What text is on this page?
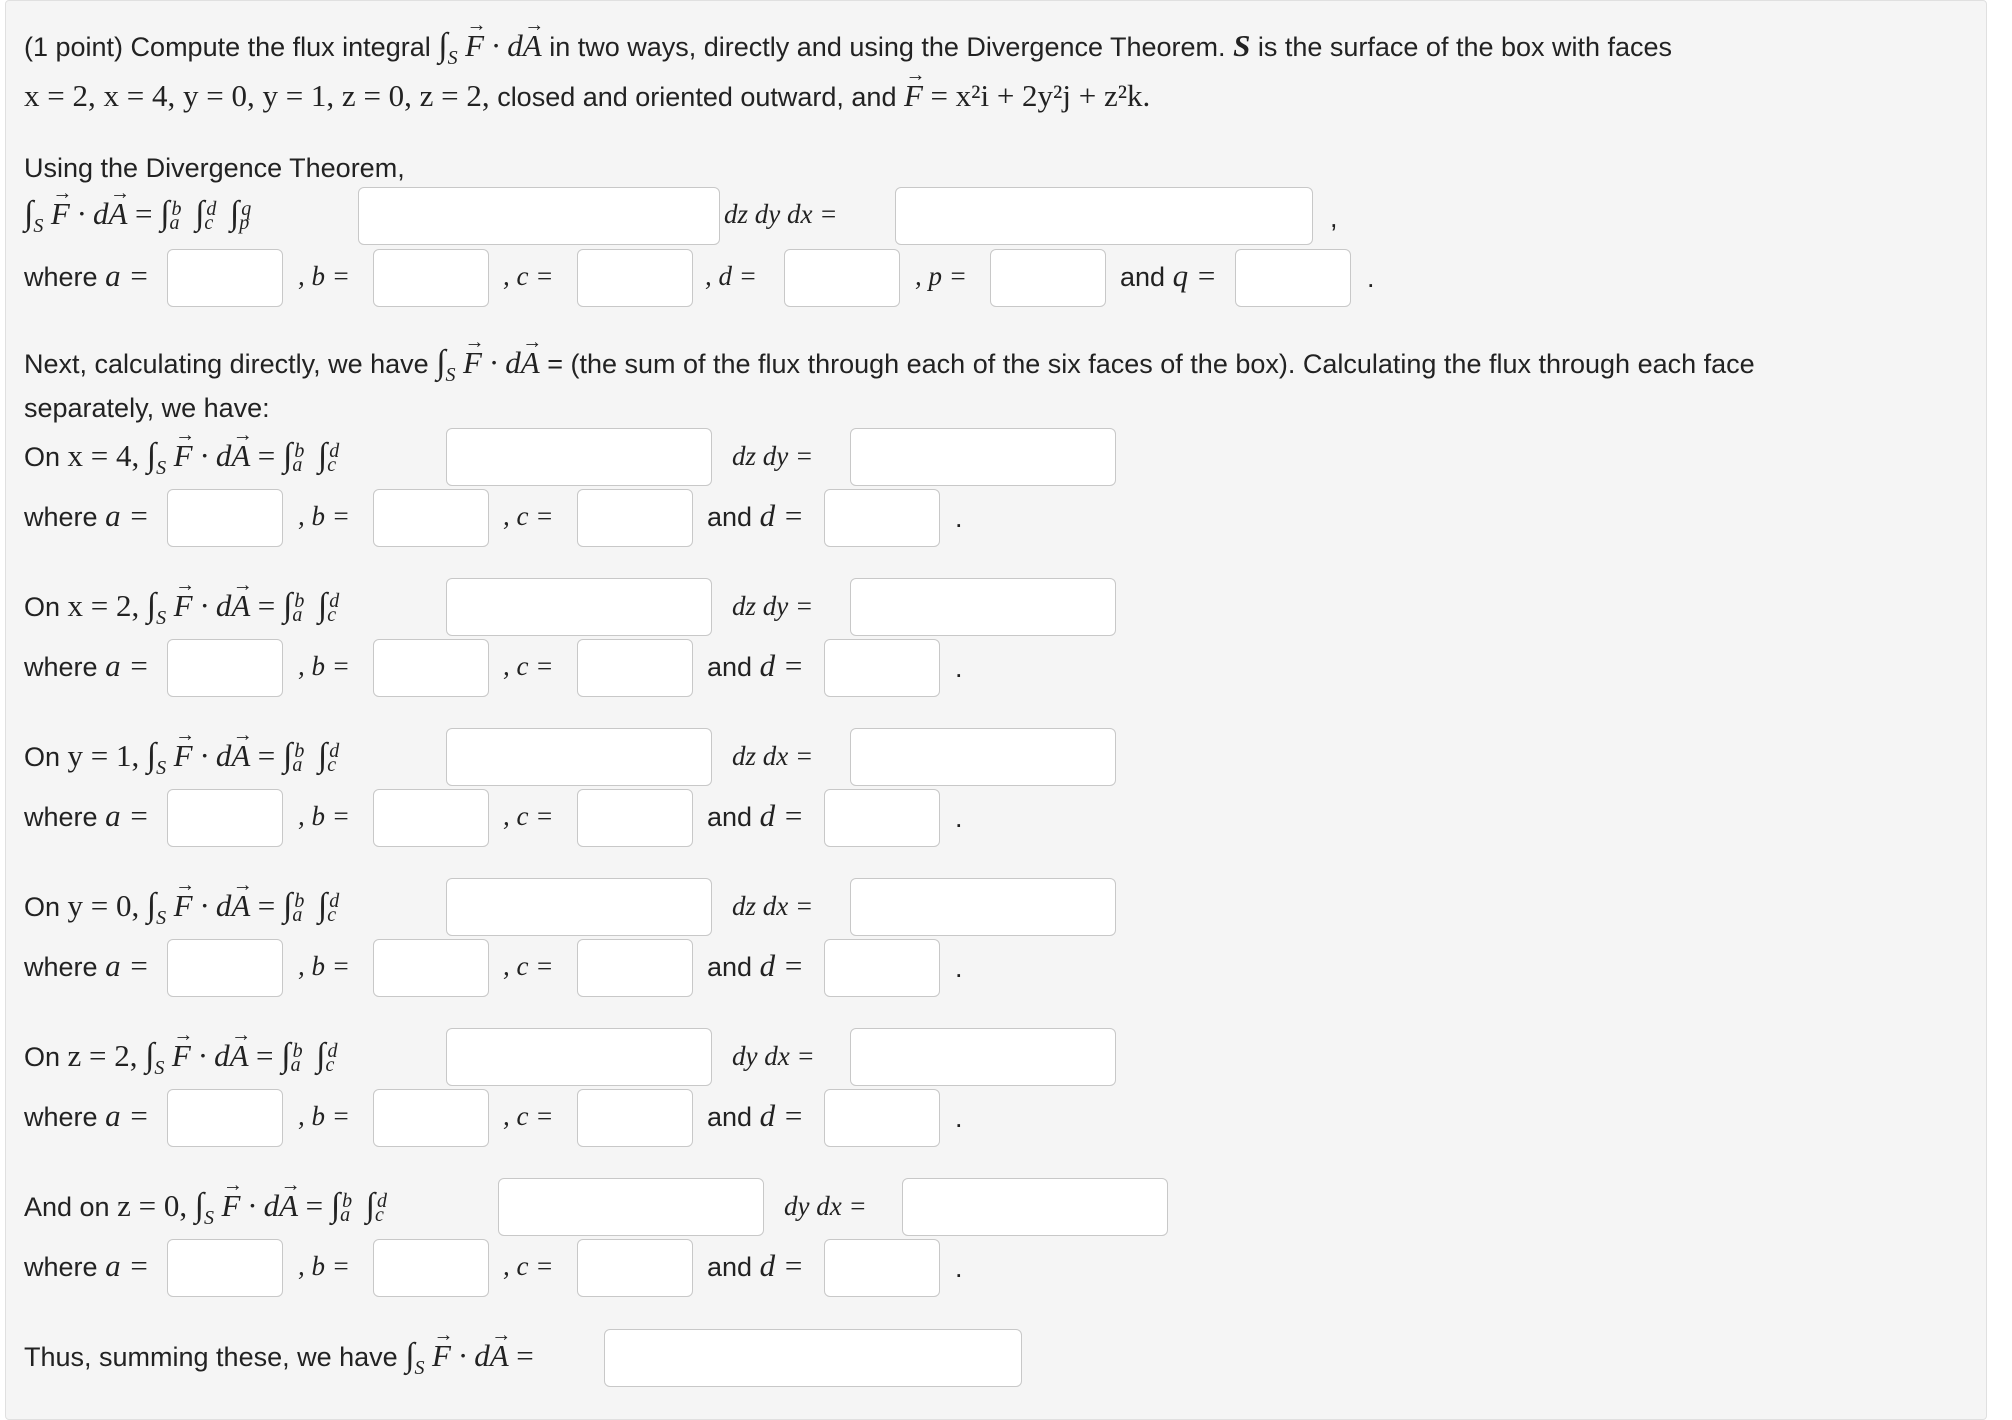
(1 point) Compute the flux integral $\int_S \to F \cdot d\to A$ in two ways, directly and using the Divergence Theorem. S is the surface of the box with faces
x = 2, x = 4, y = 0, y = 1, z = 0, z = 2, closed and oriented outward, and → F = x²i + 2y²j + z²k.
Using the Divergence Theorem,
$\int_S \to F \cdot d\to A$ = ∫ b
a ∫ d
c ∫ q
p	dz dy dx =	,
where a =	, b =	, c =	, d =	, p =	and q =	.
Next, calculating directly, we have $\int_S \to F \cdot d\to A = (the$ sum of the flux through each of the six faces of the box). Calculating the flux through each face
separately, we have:
On x = 4, $\int_S \to F \cdot d\to A$ = ∫ b
a ∫ d
c	dz dy =
where a =	, b =	, c =	and d =	.
On x = 2, $\int_S \to F \cdot d\to A$ = ∫ b
a ∫ d
c	dz dy =
where a =	, b =	, c =	and d =	.
On y = 1, $\int_S \to F \cdot d\to A$ = ∫ b
a ∫ d
c	dz dx =
where a =	, b =	, c =	and d =	.
On y = 0, $\int_S \to F \cdot d\to A$ = ∫ b
a ∫ d
c	dz dx =
where a =	, b =	, c =	and d =	.
On z = 2, $\int_S \to F \cdot d\to A$ = ∫ b
a ∫ d
c	dy dx =
where a =	, b =	, c =	and d =	.
And on z = 0, $\int_S \to F \cdot d\to A$ = ∫ b
a ∫ d
c	dy dx =
where a =	, b =	, c =	and d =	.
Thus, summing these, we have $\int_S \to F \cdot d\to A$ =
